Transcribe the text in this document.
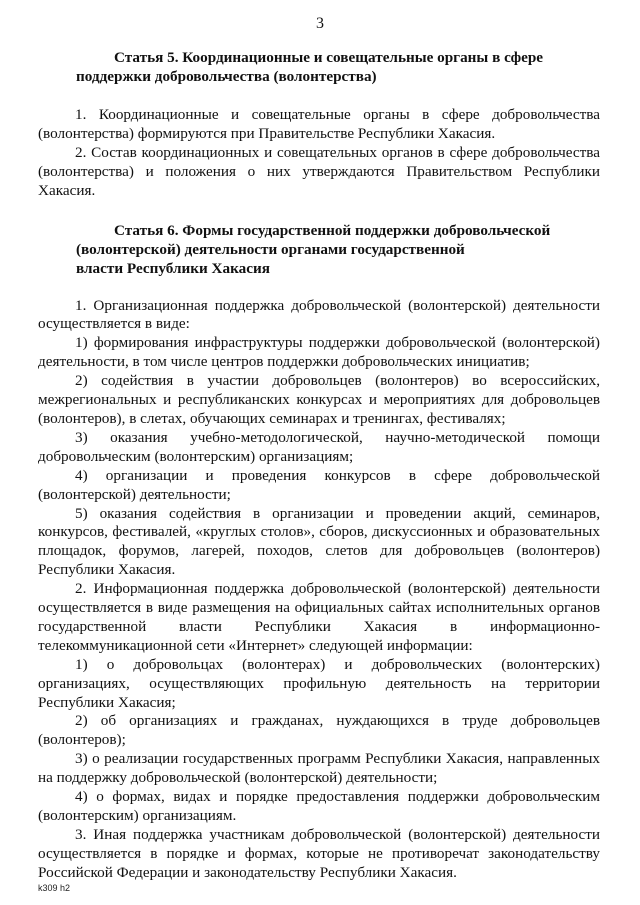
3
Статья 5. Координационные и совещательные органы в сфере
поддержки добровольчества (волонтерства)

1. Координационные и совещательные органы в сфере добровольчества (волонтерства) формируются при Правительстве Республики Хакасия.

2. Состав координационных и совещательных органов в сфере добровольчества (волонтерства) и положения о них утверждаются Правительством Республики Хакасия.

Статья 6. Формы государственной поддержки добровольческой
(волонтерской) деятельности органами государственной
власти Республики Хакасия

1. Организационная поддержка добровольческой (волонтерской) деятельности осуществляется в виде:

1) формирования инфраструктуры поддержки добровольческой (волонтерской) деятельности, в том числе центров поддержки добровольческих инициатив;

2) содействия в участии добровольцев (волонтеров) во всероссийских, межрегиональных и республиканских конкурсах и мероприятиях для добровольцев (волонтеров), в слетах, обучающих семинарах и тренингах, фестивалях;

3) оказания учебно-методологической, научно-методической помощи добровольческим (волонтерским) организациям;

4) организации и проведения конкурсов в сфере добровольческой (волонтерской) деятельности;

5) оказания содействия в организации и проведении акций, семинаров, конкурсов, фестивалей, «круглых столов», сборов, дискуссионных и образовательных площадок, форумов, лагерей, походов, слетов для добровольцев (волонтеров) Республики Хакасия.

2. Информационная поддержка добровольческой (волонтерской) деятельности осуществляется в виде размещения на официальных сайтах исполнительных органов государственной власти Республики Хакасия в информационно-телекоммуникационной сети «Интернет» следующей информации:

1) о добровольцах (волонтерах) и добровольческих (волонтерских) организациях, осуществляющих профильную деятельность на территории Республики Хакасия;

2) об организациях и гражданах, нуждающихся в труде добровольцев (волонтеров);

3) о реализации государственных программ Республики Хакасия, направленных на поддержку добровольческой (волонтерской) деятельности;

4) о формах, видах и порядке предоставления поддержки добровольческим (волонтерским) организациям.

3. Иная поддержка участникам добровольческой (волонтерской) деятельности осуществляется в порядке и формах, которые не противоречат законодательству Российской Федерации и законодательству Республики Хакасия.

k309 h2
